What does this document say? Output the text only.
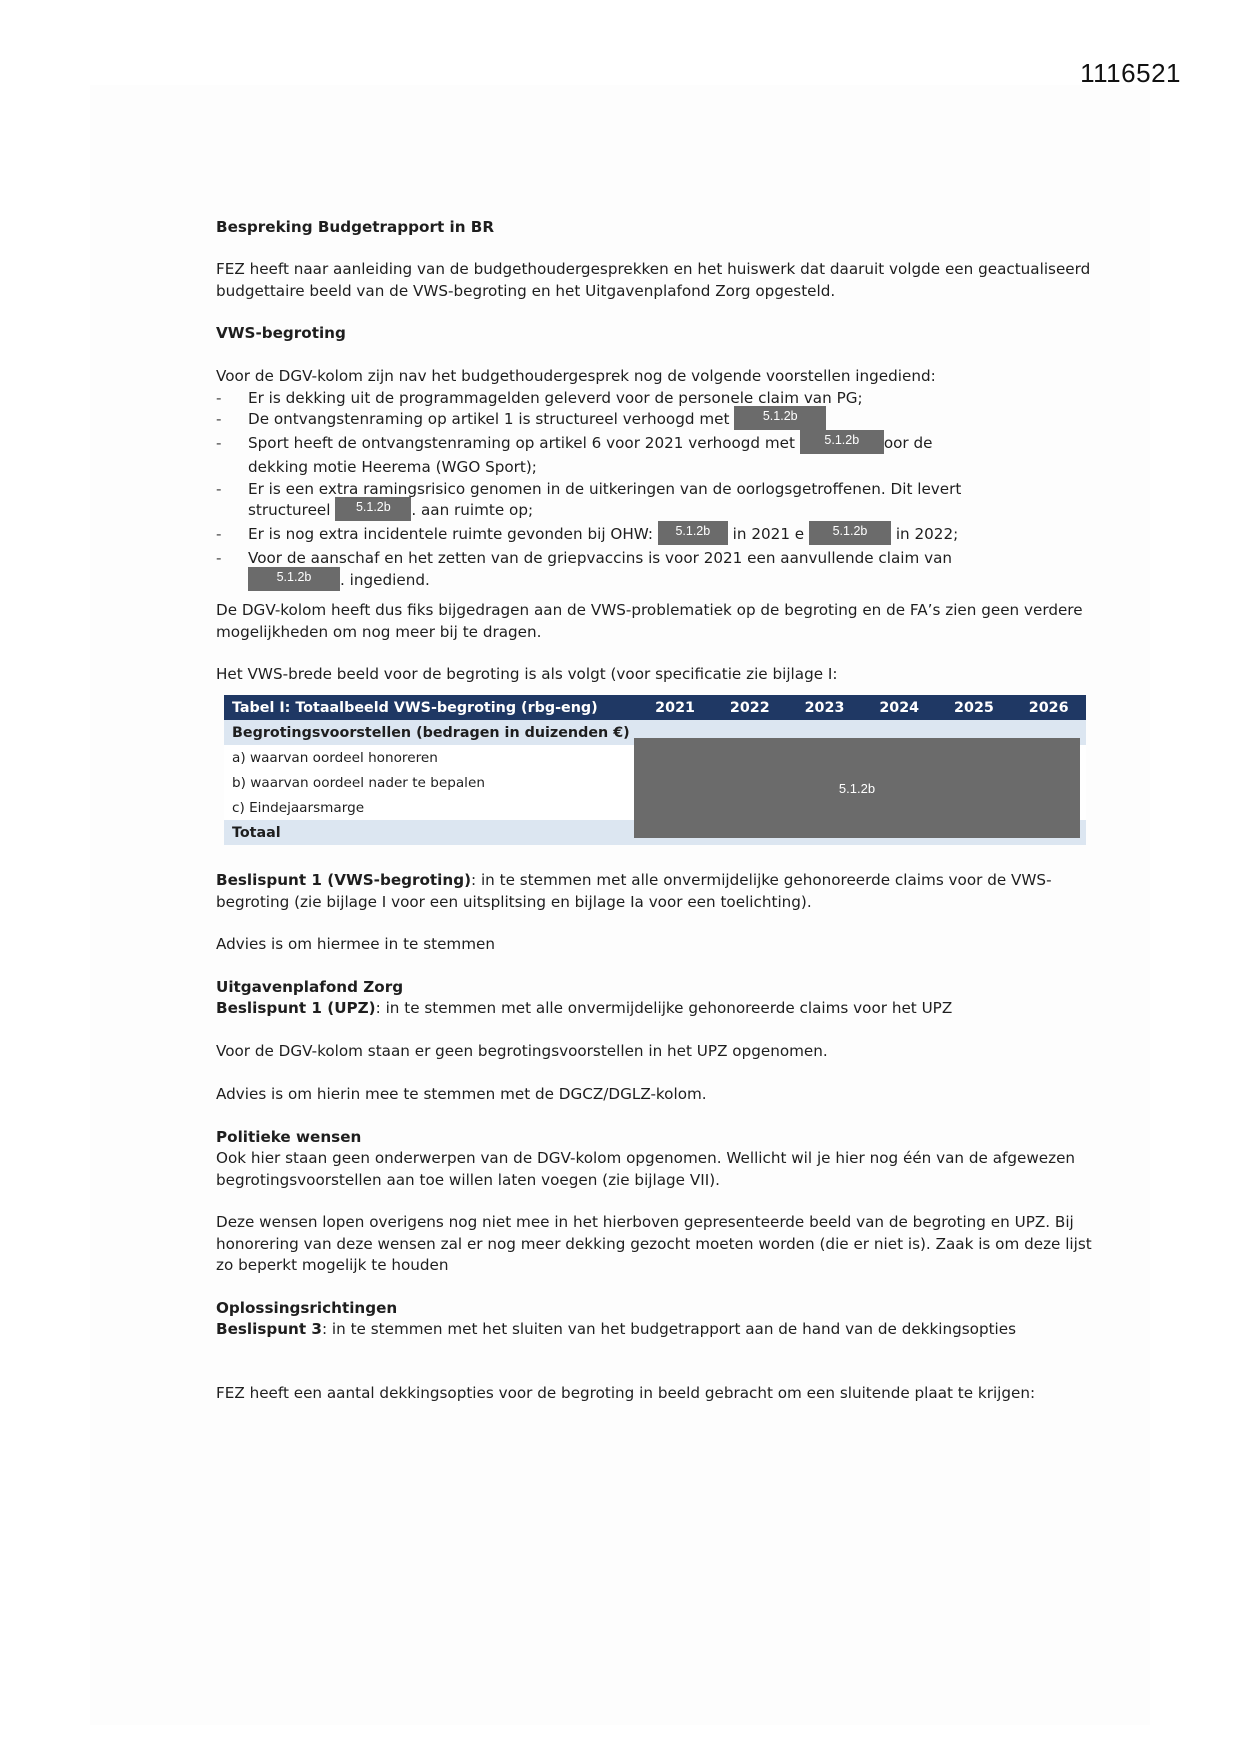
1116521
Bespreking Budgetrapport in BR

FEZ heeft naar aanleiding van de budgethoudergesprekken en het huiswerk dat daaruit volgde een geactualiseerd budgettaire beeld van de VWS-begroting en het Uitgavenplafond Zorg opgesteld.

VWS-begroting

Voor de DGV-kolom zijn nav het budgethoudergesprek nog de volgende voorstellen ingediend:

- Er is dekking uit de programmagelden geleverd voor de personele claim van PG;
- De ontvangstenraming op artikel 1 is structureel verhoogd met	5.1.2b
- Sport heeft de ontvangstenraming op artikel 6 voor 2021 verhoogd met 5.1.2b oor de
dekking motie Heerema (WGO Sport);
- Er is een extra ramingsrisico genomen in de uitkeringen van de oorlogsgetroffenen. Dit levert
structureel 5.1.2b . aan ruimte op;
- Er is nog extra incidentele ruimte gevonden bij OHW: 5.1.2b in 2021 e 5.1.2b in 2022;
- Voor de aanschaf en het zetten van de griepvaccins is voor 2021 een aanvullende claim van
5.1.2b . ingediend.

De DGV-kolom heeft dus fiks bijgedragen aan de VWS-problematiek op de begroting en de FA’s zien geen verdere mogelijkheden om nog meer bij te dragen.

Het VWS-brede beeld voor de begroting is als volgt (voor specificatie zie bijlage I:

Beslispunt 1 (VWS-begroting): in te stemmen met alle onvermijdelijke gehonoreerde claims voor de VWS-begroting (zie bijlage I voor een uitsplitsing en bijlage Ia voor een toelichting).

Advies is om hiermee in te stemmen

Uitgavenplafond Zorg

Beslispunt 1 (UPZ): in te stemmen met alle onvermijdelijke gehonoreerde claims voor het UPZ

Voor de DGV-kolom staan er geen begrotingsvoorstellen in het UPZ opgenomen.

Advies is om hierin mee te stemmen met de DGCZ/DGLZ-kolom.

Politieke wensen

Ook hier staan geen onderwerpen van de DGV-kolom opgenomen. Wellicht wil je hier nog één van de afgewezen begrotingsvoorstellen aan toe willen laten voegen (zie bijlage VII).

Deze wensen lopen overigens nog niet mee in het hierboven gepresenteerde beeld van de begroting en UPZ. Bij honorering van deze wensen zal er nog meer dekking gezocht moeten worden (die er niet is). Zaak is om deze lijst zo beperkt mogelijk te houden

Oplossingsrichtingen

Beslispunt 3: in te stemmen met het sluiten van het budgetrapport aan de hand van de dekkingsopties

FEZ heeft een aantal dekkingsopties voor de begroting in beeld gebracht om een sluitende plaat te krijgen:

Tabel I: Totaalbeeld VWS-begroting (rbg-eng)	2021	2022	2023	2024	2025	2026
Begrotingsvoorstellen (bedragen in duizenden €)
a) waarvan oordeel honoreren
b) waarvan oordeel nader te bepalen
c) Eindejaarsmarge
Totaal
5.1.2b
